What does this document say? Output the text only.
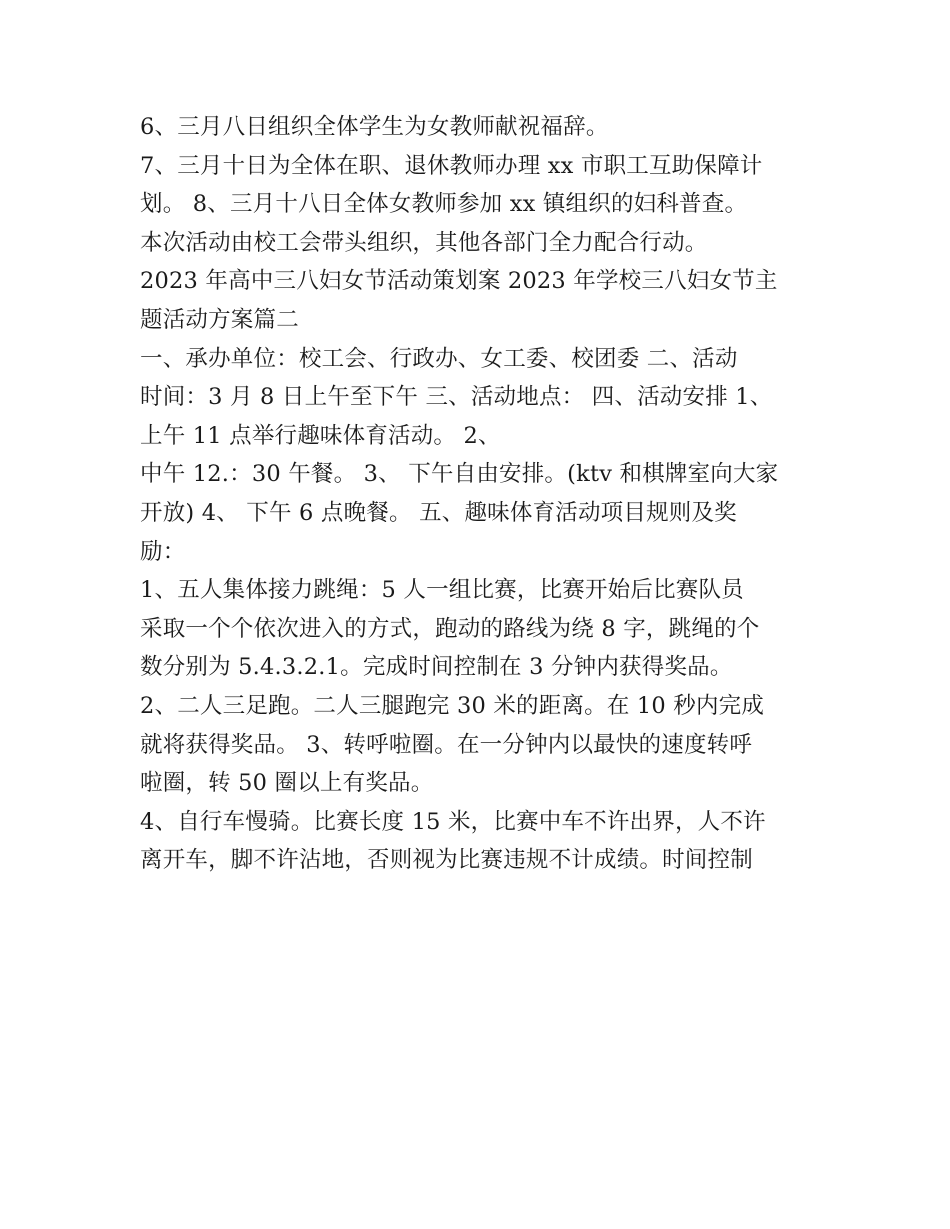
6、三月八日组织全体学生为女教师献祝福辞。
7、三月十日为全体在职、退休教师办理 xx 市职工互助保障计
划。 8、三月十八日全体女教师参加 xx 镇组织的妇科普查。
本次活动由校工会带头组织，其他各部门全力配合行动。
2023 年高中三八妇女节活动策划案 2023 年学校三八妇女节主
题活动方案篇二
一、承办单位：校工会、行政办、女工委、校团委 二、活动
时间：3 月 8 日上午至下午 三、活动地点： 四、活动安排 1、
上午 11 点举行趣味体育活动。 2、
中午 12.：30 午餐。 3、 下午自由安排。(ktv 和棋牌室向大家
开放) 4、 下午 6 点晚餐。 五、趣味体育活动项目规则及奖
励：
1、五人集体接力跳绳：5 人一组比赛，比赛开始后比赛队员
采取一个个依次进入的方式，跑动的路线为绕 8 字，跳绳的个
数分别为 5.4.3.2.1。完成时间控制在 3 分钟内获得奖品。
2、二人三足跑。二人三腿跑完 30 米的距离。在 10 秒内完成
就将获得奖品。 3、转呼啦圈。在一分钟内以最快的速度转呼
啦圈，转 50 圈以上有奖品。
4、自行车慢骑。比赛长度 15 米，比赛中车不许出界，人不许
离开车，脚不许沾地，否则视为比赛违规不计成绩。时间控制
